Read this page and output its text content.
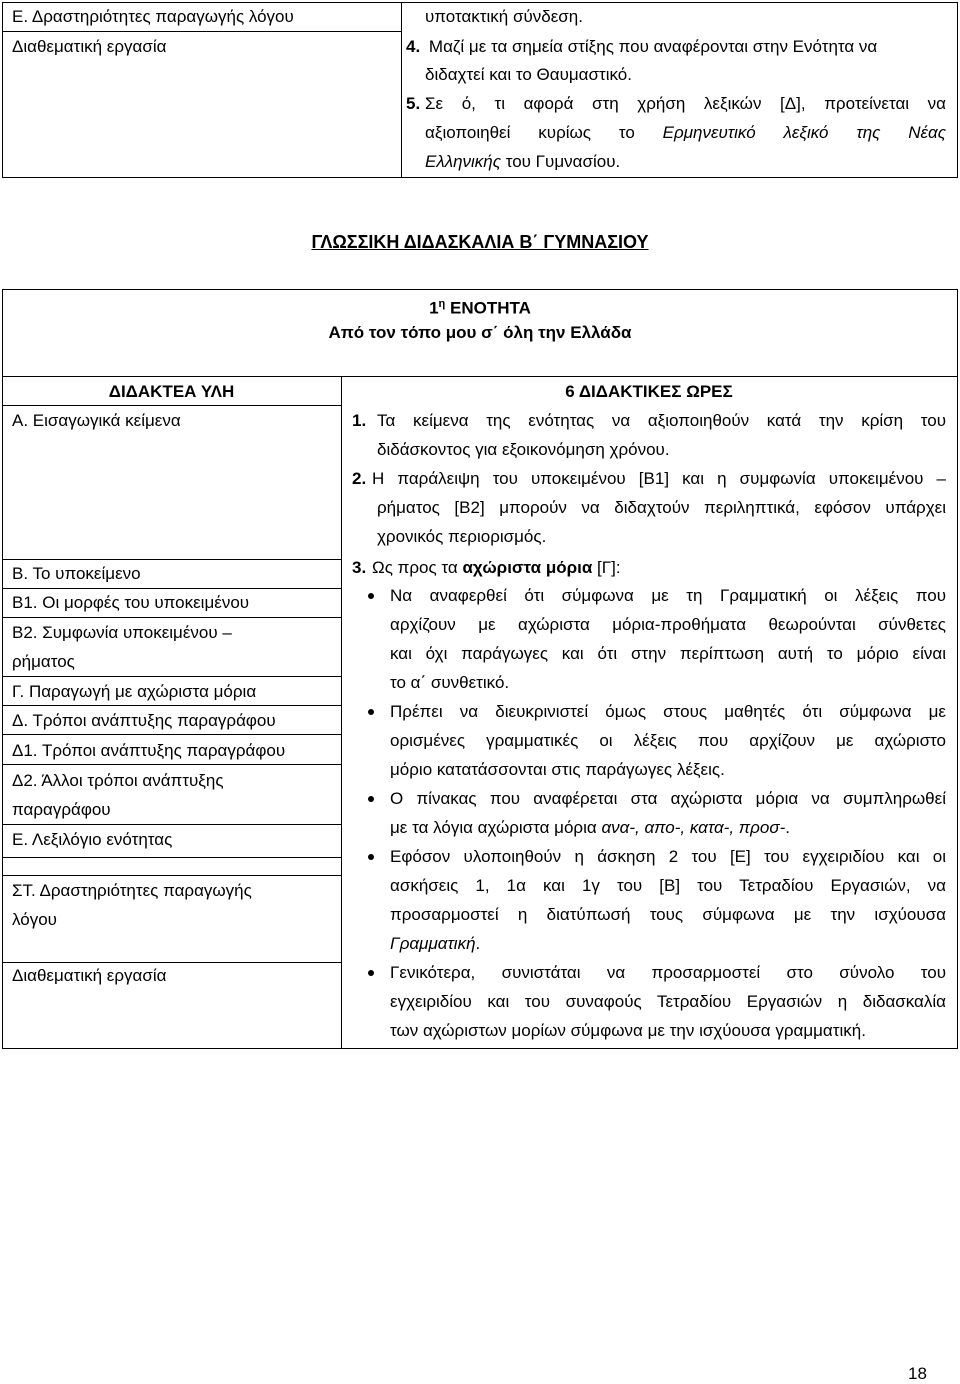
Ε. Δραστηριότητες παραγωγής λόγου
Διαθεματική εργασία
υποτακτική σύνδεση.
4. Μαζί με τα σημεία στίξης που αναφέρονται στην Ενότητα να
διδαχτεί και το Θαυμαστικό.
5. Σε ό, τι αφορά στη χρήση λεξικών [Δ], προτείνεται να
αξιοποιηθεί κυρίως το Ερμηνευτικό λεξικό της Νέας
Ελληνικής του Γυμνασίου.
ΓΛΩΣΣΙΚΗ ΔΙΔΑΣΚΑΛΙΑ Β΄ ΓΥΜΝΑΣΙΟΥ
$1^\eta$ ΕΝΟΤΗΤΑ
Από τον τόπο μου σ΄ όλη την Ελλάδα
ΔΙΔΑΚΤΕΑ ΥΛΗ	6 ΔΙΔΑΚΤΙΚΕΣ ΩΡΕΣ
Α. Εισαγωγικά κείμενα
Β. Το υποκείμενο
Β1. Οι μορφές του υποκειμένου
Β2. Συμφωνία υποκειμένου –
ρήματος
Γ. Παραγωγή με αχώριστα μόρια
Δ. Τρόποι ανάπτυξης παραγράφου
Δ1. Τρόποι ανάπτυξης παραγράφου
Δ2. Άλλοι τρόποι ανάπτυξης
παραγράφου
Ε. Λεξιλόγιο ενότητας
ΣΤ. Δραστηριότητες παραγωγής
λόγου
Διαθεματική εργασία
1. Τα κείμενα της ενότητας να αξιοποιηθούν κατά την κρίση του
διδάσκοντος για εξοικονόμηση χρόνου.
2. Η παράλειψη του υποκειμένου [Β1] και η συμφωνία υποκειμένου –
ρήματος [Β2] μπορούν να διδαχτούν περιληπτικά, εφόσον υπάρχει
χρονικός περιορισμός.
3. Ως προς τα αχώριστα μόρια [Γ]:
Να αναφερθεί ότι σύμφωνα με τη Γραμματική οι λέξεις που
αρχίζουν με αχώριστα μόρια-προθήματα θεωρούνται σύνθετες
και όχι παράγωγες και ότι στην περίπτωση αυτή το μόριο είναι
το α΄ συνθετικό.
Πρέπει να διευκρινιστεί όμως στους μαθητές ότι σύμφωνα με
ορισμένες γραμματικές οι λέξεις που αρχίζουν με αχώριστο
μόριο κατατάσσονται στις παράγωγες λέξεις.
Ο πίνακας που αναφέρεται στα αχώριστα μόρια να συμπληρωθεί
με τα λόγια αχώριστα μόρια ανα-, απο-, κατα-, προσ-.
Εφόσον υλοποιηθούν η άσκηση 2 του [Ε] του εγχειριδίου και οι
ασκήσεις 1, 1α και 1γ του [Β] του Τετραδίου Εργασιών, να
προσαρμοστεί η διατύπωσή τους σύμφωνα με την ισχύουσα
Γραμματική.
Γενικότερα, συνιστάται να προσαρμοστεί στο σύνολο του
εγχειριδίου και του συναφούς Τετραδίου Εργασιών η διδασκαλία
των αχώριστων μορίων σύμφωνα με την ισχύουσα γραμματική.
18
